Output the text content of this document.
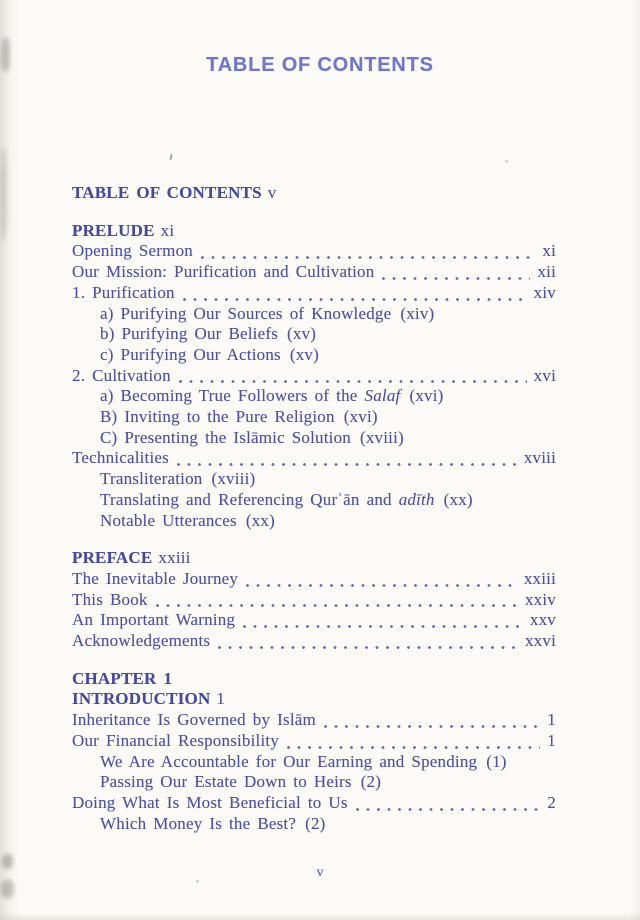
TABLE OF CONTENTS
TABLE OF CONTENTS v
PRELUDE xi
Opening Sermon	xi
Our Mission: Purification and Cultivation	xii
1. Purification	xiv
a) Purifying Our Sources of Knowledge (xiv)
b) Purifying Our Beliefs (xv)
c) Purifying Our Actions (xv)
2. Cultivation	xvi
a) Becoming True Followers of the Salaf (xvi)
B) Inviting to the Pure Religion (xvi)
C) Presenting the Islāmic Solution (xviii)
Technicalities	xviii
Transliteration (xviii)
Translating and Referencing Qurʾān and adīth (xx)
Notable Utterances (xx)
PREFACE xxiii
The Inevitable Journey	xxiii
This Book	xxiv
An Important Warning	xxv
Acknowledgements	xxvi
CHAPTER 1
INTRODUCTION 1
Inheritance Is Governed by Islām	1
Our Financial Responsibility	1
We Are Accountable for Our Earning and Spending (1)
Passing Our Estate Down to Heirs (2)
Doing What Is Most Beneficial to Us	2
Which Money Is the Best? (2)
v
